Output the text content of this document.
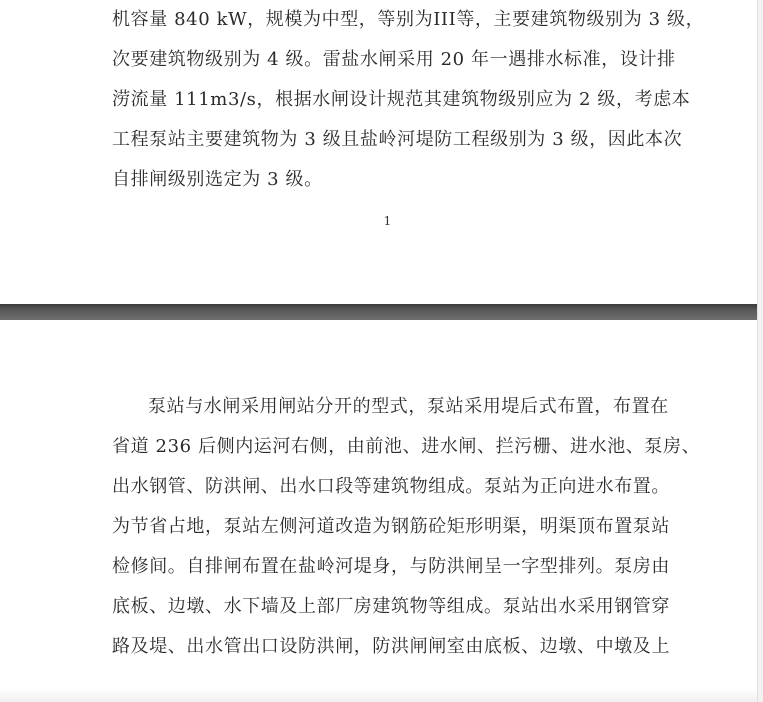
机容量 840 kW，规模为中型，等别为III等，主要建筑物级别为 3 级，
次要建筑物级别为 4 级。雷盐水闸采用 20 年一遇排水标准，设计排
涝流量 111m3/s，根据水闸设计规范其建筑物级别应为 2 级，考虑本
工程泵站主要建筑物为 3 级且盐岭河堤防工程级别为 3 级，因此本次
自排闸级别选定为 3 级。
1
泵站与水闸采用闸站分开的型式，泵站采用堤后式布置，布置在
省道 236 后侧内运河右侧，由前池、进水闸、拦污栅、进水池、泵房、
出水钢管、防洪闸、出水口段等建筑物组成。泵站为正向进水布置。
为节省占地，泵站左侧河道改造为钢筋砼矩形明渠，明渠顶布置泵站
检修间。自排闸布置在盐岭河堤身，与防洪闸呈一字型排列。泵房由
底板、边墩、水下墙及上部厂房建筑物等组成。泵站出水采用钢管穿
路及堤、出水管出口设防洪闸，防洪闸闸室由底板、边墩、中墩及上
